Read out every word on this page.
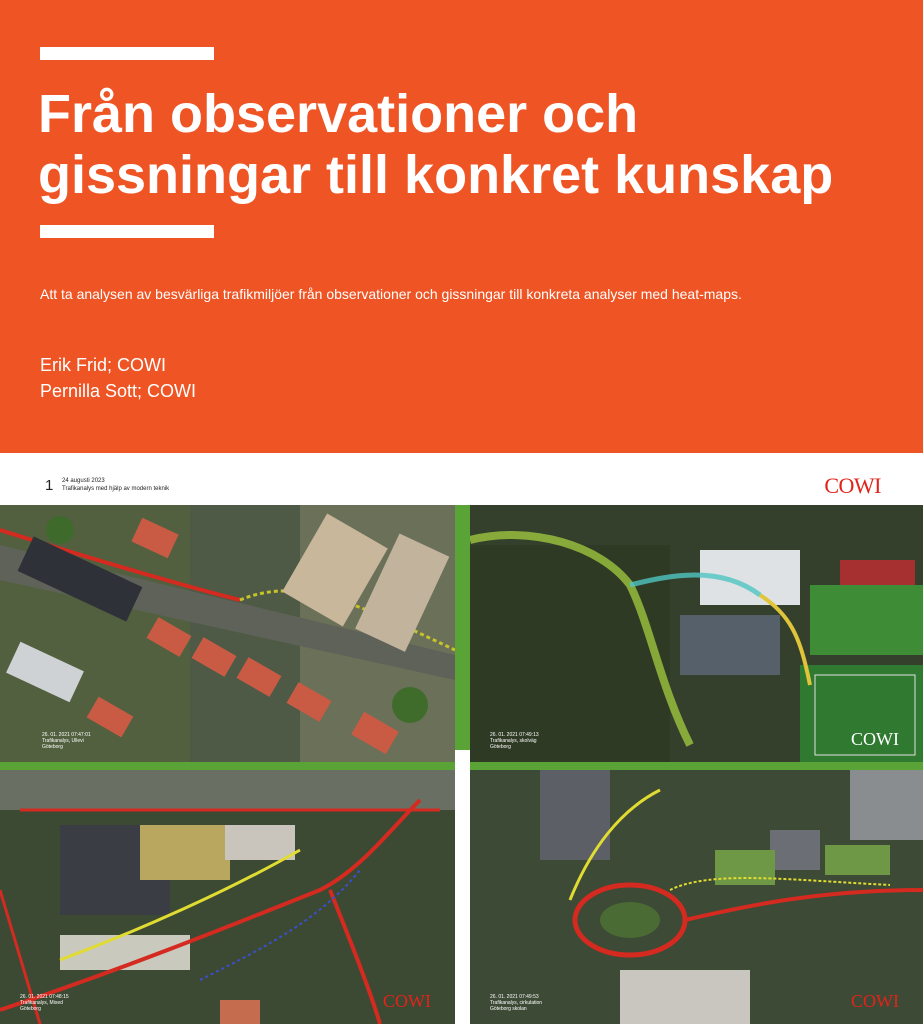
Från observationer och
gissningar till konkret kunskap

Att ta analysen av besvärliga trafikmiljöer från observationer och gissningar till konkreta analyser med heat-maps.

Erik Frid; COWI
Pernilla Sott; COWI
1 24 augusti 2023
Trafikanalys med hjälp av modern teknik	COWI
26. 01. 2021 07:47:01
Trafikanalys, Ullevi
Göteborg
26. 01. 2021 07:49:13
Trafikanalys, skolväg
Göteborg	COWI
26. 01. 2021 07:48:15
Trafikanalys, Mixed
Göteborg	COWI	26. 01. 2021 07:49:53
Trafikanalys, cirkulation
Göteborg skolan	COWI
